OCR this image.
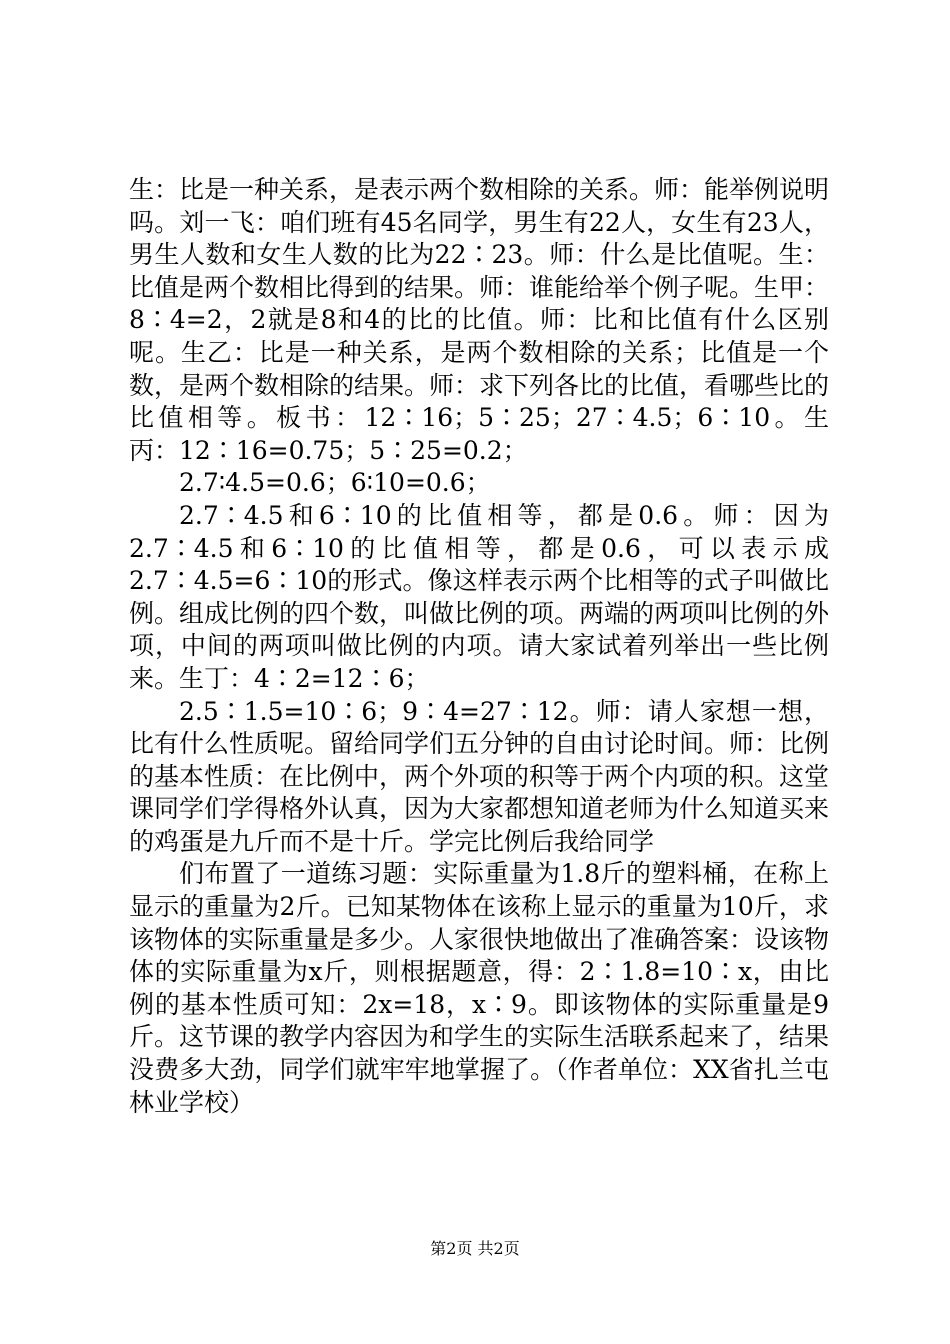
生：比是一种关系，是表示两个数相除的关系。师：能举例说明吗。刘一飞：咱们班有45名同学，男生有22人，女生有23人，男生人数和女生人数的比为22∶23。师：什么是比值呢。生：比值是两个数相比得到的结果。师：谁能给举个例子呢。生甲：8∶4=2，2就是8和4的比的比值。师：比和比值有什么区别呢。生乙：比是一种关系，是两个数相除的关系；比值是一个数，是两个数相除的结果。师：求下列各比的比值，看哪些比的比值相等。板书：12∶16；5∶25；27∶4.5；6∶10。生丙：12∶16=0.75；5∶25=0.2；

2.7∶4.5=0.6；6∶10=0.6；

2.7∶4.5和6∶10的比值相等，都是0.6。师：因为2.7∶4.5和6∶10的比值相等，都是0.6，可以表示成2.7∶4.5=6∶10的形式。像这样表示两个比相等的式子叫做比例。组成比例的四个数，叫做比例的项。两端的两项叫比例的外项，中间的两项叫做比例的内项。请大家试着列举出一些比例来。生丁：4∶2=12∶6；

2.5∶1.5=10∶6；9∶4=27∶12。师：请人家想一想，比有什么性质呢。留给同学们五分钟的自由讨论时间。师：比例的基本性质：在比例中，两个外项的积等于两个内项的积。这堂课同学们学得格外认真，因为大家都想知道老师为什么知道买来的鸡蛋是九斤而不是十斤。学完比例后我给同学

们布置了一道练习题：实际重量为1.8斤的塑料桶，在称上显示的重量为2斤。已知某物体在该称上显示的重量为10斤，求该物体的实际重量是多少。人家很快地做出了准确答案：设该物体的实际重量为x斤，则根据题意，得：2∶1.8=10∶x，由比例的基本性质可知：2x=18，x∶9。即该物体的实际重量是9斤。这节课的教学内容因为和学生的实际生活联系起来了，结果没费多大劲，同学们就牢牢地掌握了。（作者单位：XX省扎兰屯林业学校）

第2页 共2页
